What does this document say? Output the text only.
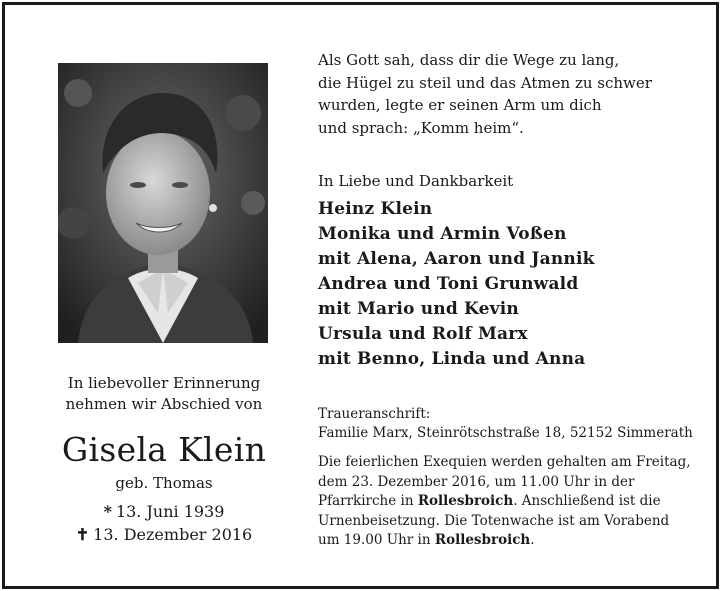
In liebevoller Erinnerung
nehmen wir Abschied von
Gisela Klein
geb. Thomas
* 13. Juni 1939
✝ 13. Dezember 2016
Als Gott sah, dass dir die Wege zu lang,
die Hügel zu steil und das Atmen zu schwer
wurden, legte er seinen Arm um dich
und sprach: „Komm heim“.
In Liebe und Dankbarkeit
Heinz Klein
Monika und Armin Voßen
mit Alena, Aaron und Jannik
Andrea und Toni Grunwald
mit Mario und Kevin
Ursula und Rolf Marx
mit Benno, Linda und Anna
Traueranschrift:
Familie Marx, Steinrötschstraße 18, 52152 Simmerath
Die feierlichen Exequien werden gehalten am Freitag,
dem 23. Dezember 2016, um 11.00 Uhr in der
Pfarrkirche in Rollesbroich. Anschließend ist die
Urnenbeisetzung. Die Totenwache ist am Vorabend
um 19.00 Uhr in Rollesbroich.
